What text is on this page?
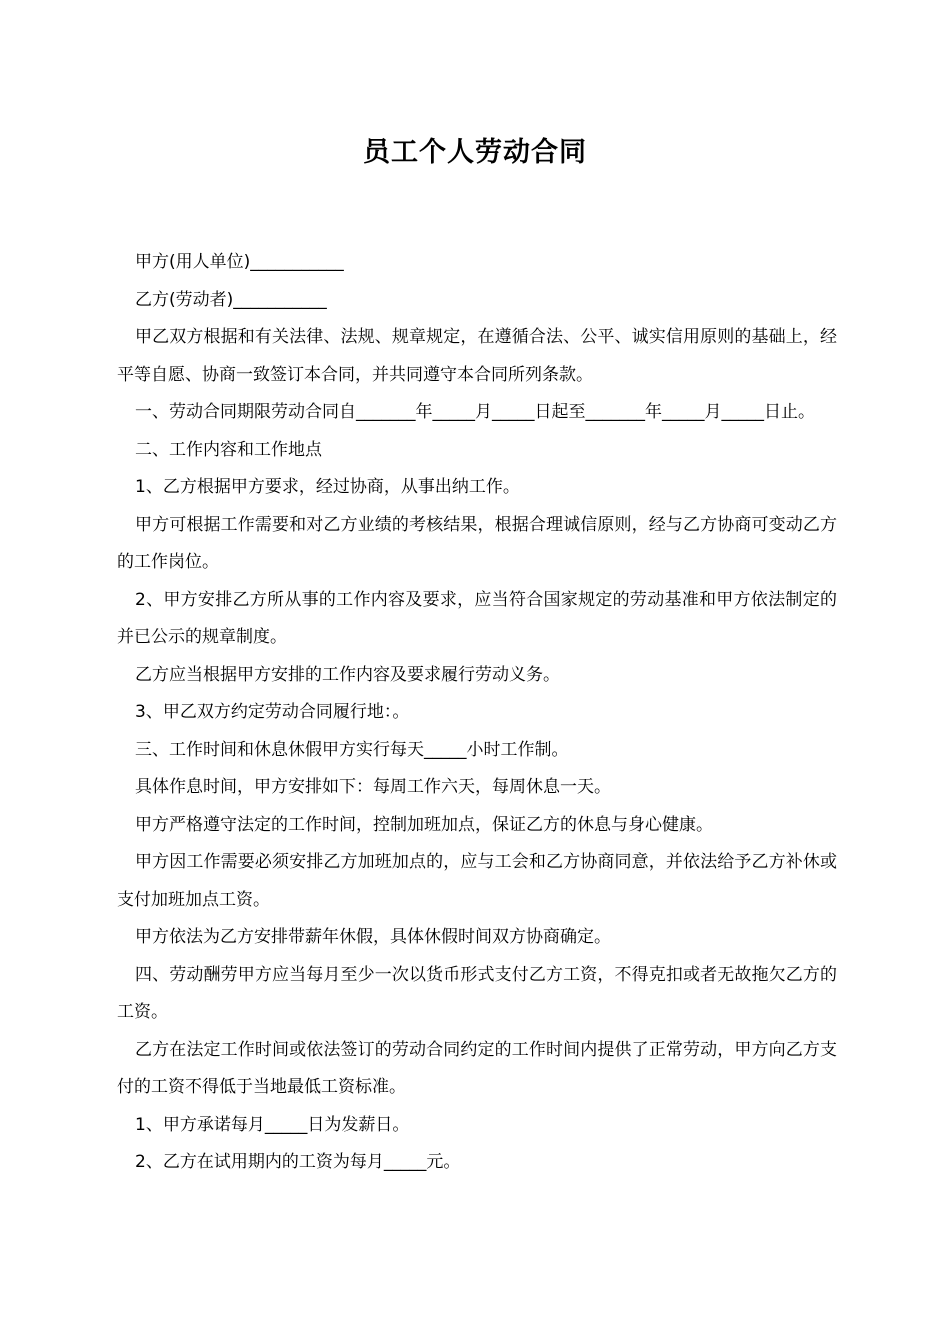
员工个人劳动合同

甲方(用人单位)___________

乙方(劳动者)___________

甲乙双方根据和有关法律、法规、规章规定，在遵循合法、公平、诚实信用原则的基础上，经平等自愿、协商一致签订本合同，并共同遵守本合同所列条款。

一、劳动合同期限劳动合同自_______年_____月_____日起至_______年_____月_____日止。

二、工作内容和工作地点

1、乙方根据甲方要求，经过协商，从事出纳工作。

甲方可根据工作需要和对乙方业绩的考核结果，根据合理诚信原则，经与乙方协商可变动乙方的工作岗位。

2、甲方安排乙方所从事的工作内容及要求，应当符合国家规定的劳动基准和甲方依法制定的并已公示的规章制度。

乙方应当根据甲方安排的工作内容及要求履行劳动义务。

3、甲乙双方约定劳动合同履行地：。

三、工作时间和休息休假甲方实行每天_____小时工作制。

具体作息时间，甲方安排如下：每周工作六天，每周休息一天。

甲方严格遵守法定的工作时间，控制加班加点，保证乙方的休息与身心健康。

甲方因工作需要必须安排乙方加班加点的，应与工会和乙方协商同意，并依法给予乙方补休或支付加班加点工资。

甲方依法为乙方安排带薪年休假，具体休假时间双方协商确定。

四、劳动酬劳甲方应当每月至少一次以货币形式支付乙方工资，不得克扣或者无故拖欠乙方的工资。

乙方在法定工作时间或依法签订的劳动合同约定的工作时间内提供了正常劳动，甲方向乙方支付的工资不得低于当地最低工资标准。

1、甲方承诺每月_____日为发薪日。

2、乙方在试用期内的工资为每月_____元。
